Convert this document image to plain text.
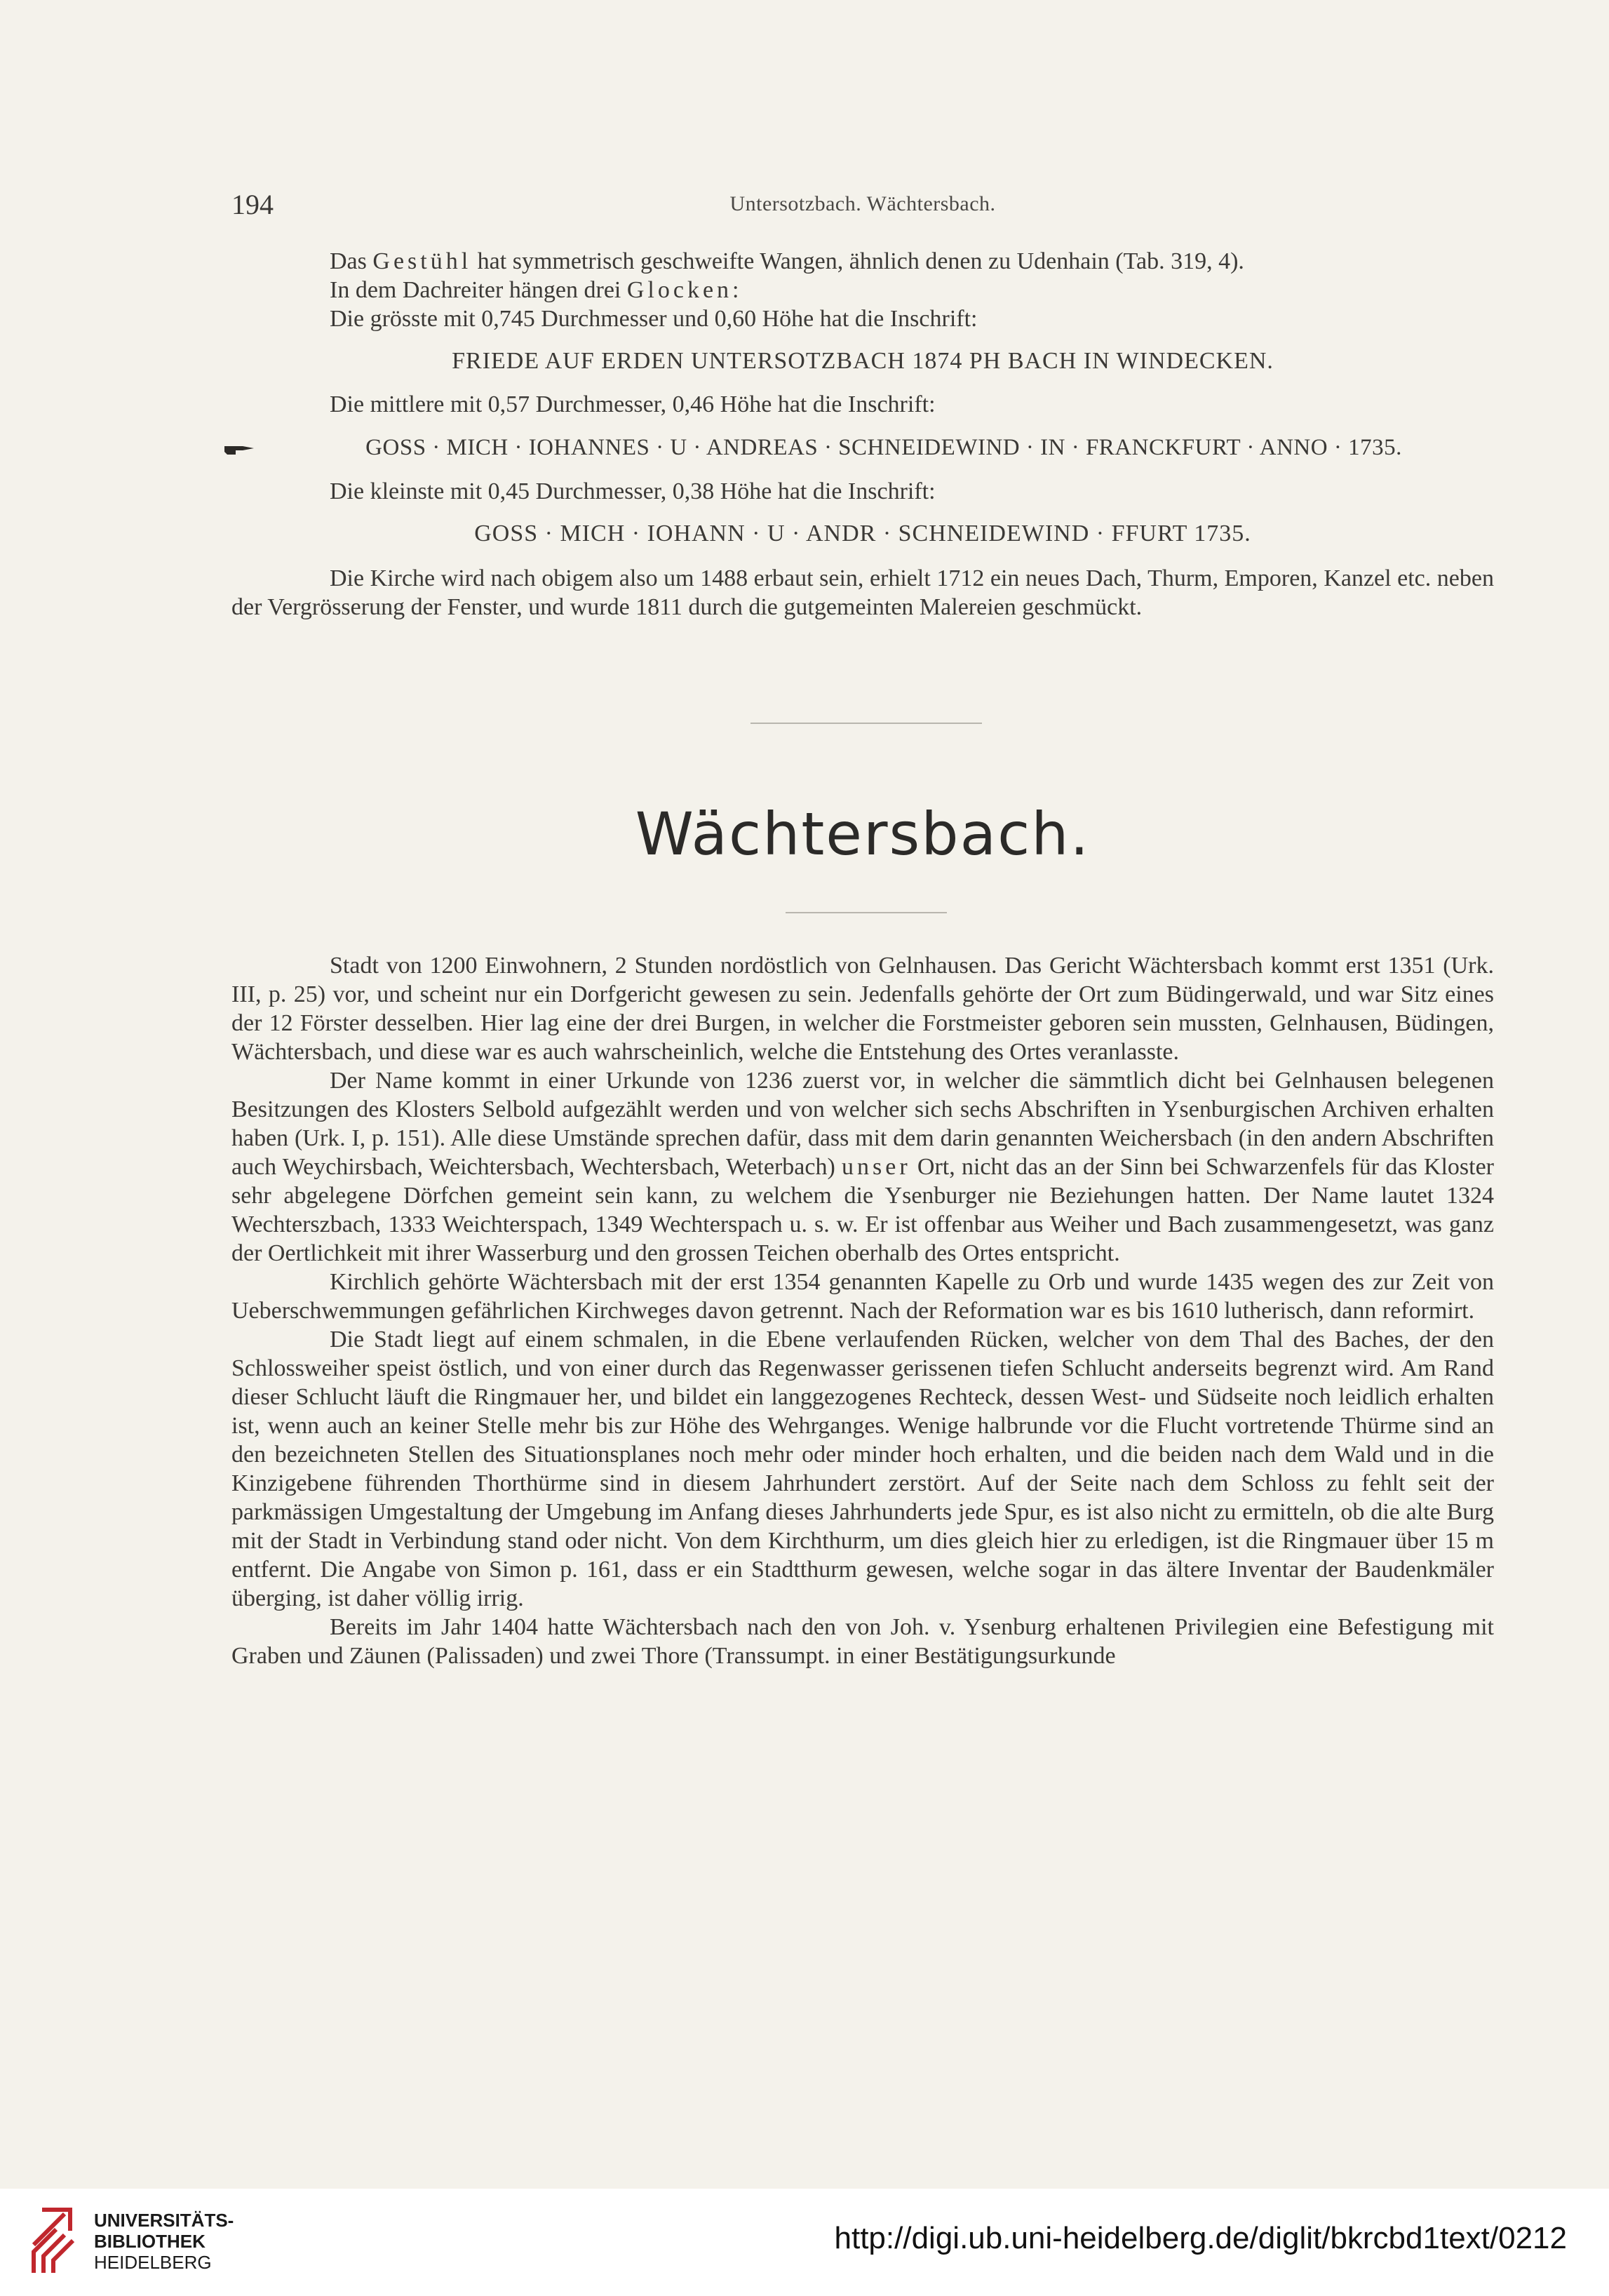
194	Untersotzbach. Wächtersbach.

Das Gestühl hat symmetrisch geschweifte Wangen, ähnlich denen zu Udenhain (Tab. 319, 4).

In dem Dachreiter hängen drei Glocken:

Die grösste mit 0,745 Durchmesser und 0,60 Höhe hat die Inschrift:

FRIEDE AUF ERDEN UNTERSOTZBACH 1874 PH BACH IN WINDECKEN.

Die mittlere mit 0,57 Durchmesser, 0,46 Höhe hat die Inschrift:

GOSS · MICH · IOHANNES · U · ANDREAS · SCHNEIDEWIND · IN · FRANCKFURT · ANNO · 1735.

Die kleinste mit 0,45 Durchmesser, 0,38 Höhe hat die Inschrift:

GOSS · MICH · IOHANN · U · ANDR · SCHNEIDEWIND · FFURT 1735.

Die Kirche wird nach obigem also um 1488 erbaut sein, erhielt 1712 ein neues Dach, Thurm, Emporen, Kanzel etc. neben der Vergrösserung der Fenster, und wurde 1811 durch die gutgemeinten Malereien geschmückt.

Wächtersbach.

Stadt von 1200 Einwohnern, 2 Stunden nordöstlich von Gelnhausen. Das Gericht Wächtersbach kommt erst 1351 (Urk. III, p. 25) vor, und scheint nur ein Dorfgericht gewesen zu sein. Jedenfalls gehörte der Ort zum Büdingerwald, und war Sitz eines der 12 Förster desselben. Hier lag eine der drei Burgen, in welcher die Forstmeister geboren sein mussten, Gelnhausen, Büdingen, Wächtersbach, und diese war es auch wahrscheinlich, welche die Entstehung des Ortes veranlasste.

Der Name kommt in einer Urkunde von 1236 zuerst vor, in welcher die sämmtlich dicht bei Gelnhausen belegenen Besitzungen des Klosters Selbold aufgezählt werden und von welcher sich sechs Abschriften in Ysenburgischen Archiven erhalten haben (Urk. I, p. 151). Alle diese Umstände sprechen dafür, dass mit dem darin genannten Weichersbach (in den andern Abschriften auch Weychirsbach, Weichtersbach, Wechtersbach, Weterbach) unser Ort, nicht das an der Sinn bei Schwarzenfels für das Kloster sehr abgelegene Dörfchen gemeint sein kann, zu welchem die Ysenburger nie Beziehungen hatten. Der Name lautet 1324 Wechterszbach, 1333 Weichterspach, 1349 Wechterspach u. s. w. Er ist offenbar aus Weiher und Bach zusammengesetzt, was ganz der Oertlichkeit mit ihrer Wasserburg und den grossen Teichen oberhalb des Ortes entspricht.

Kirchlich gehörte Wächtersbach mit der erst 1354 genannten Kapelle zu Orb und wurde 1435 wegen des zur Zeit von Ueberschwemmungen gefährlichen Kirchweges davon getrennt. Nach der Reformation war es bis 1610 lutherisch, dann reformirt.

Die Stadt liegt auf einem schmalen, in die Ebene verlaufenden Rücken, welcher von dem Thal des Baches, der den Schlossweiher speist östlich, und von einer durch das Regenwasser gerissenen tiefen Schlucht anderseits begrenzt wird. Am Rand dieser Schlucht läuft die Ringmauer her, und bildet ein langgezogenes Rechteck, dessen West- und Südseite noch leidlich erhalten ist, wenn auch an keiner Stelle mehr bis zur Höhe des Wehrganges. Wenige halbrunde vor die Flucht vortretende Thürme sind an den bezeichneten Stellen des Situationsplanes noch mehr oder minder hoch erhalten, und die beiden nach dem Wald und in die Kinzigebene führenden Thorthürme sind in diesem Jahrhundert zerstört. Auf der Seite nach dem Schloss zu fehlt seit der parkmässigen Umgestaltung der Umgebung im Anfang dieses Jahrhunderts jede Spur, es ist also nicht zu ermitteln, ob die alte Burg mit der Stadt in Verbindung stand oder nicht. Von dem Kirchthurm, um dies gleich hier zu erledigen, ist die Ringmauer über 15 m entfernt. Die Angabe von Simon p. 161, dass er ein Stadtthurm gewesen, welche sogar in das ältere Inventar der Baudenkmäler überging, ist daher völlig irrig.

Bereits im Jahr 1404 hatte Wächtersbach nach den von Joh. v. Ysenburg erhaltenen Privilegien eine Befestigung mit Graben und Zäunen (Palissaden) und zwei Thore (Transsumpt. in einer Bestätigungsurkunde

UNIVERSITÄTS-
BIBLIOTHEK
HEIDELBERG
http://digi.ub.uni-heidelberg.de/diglit/bkrcbd1text/0212
